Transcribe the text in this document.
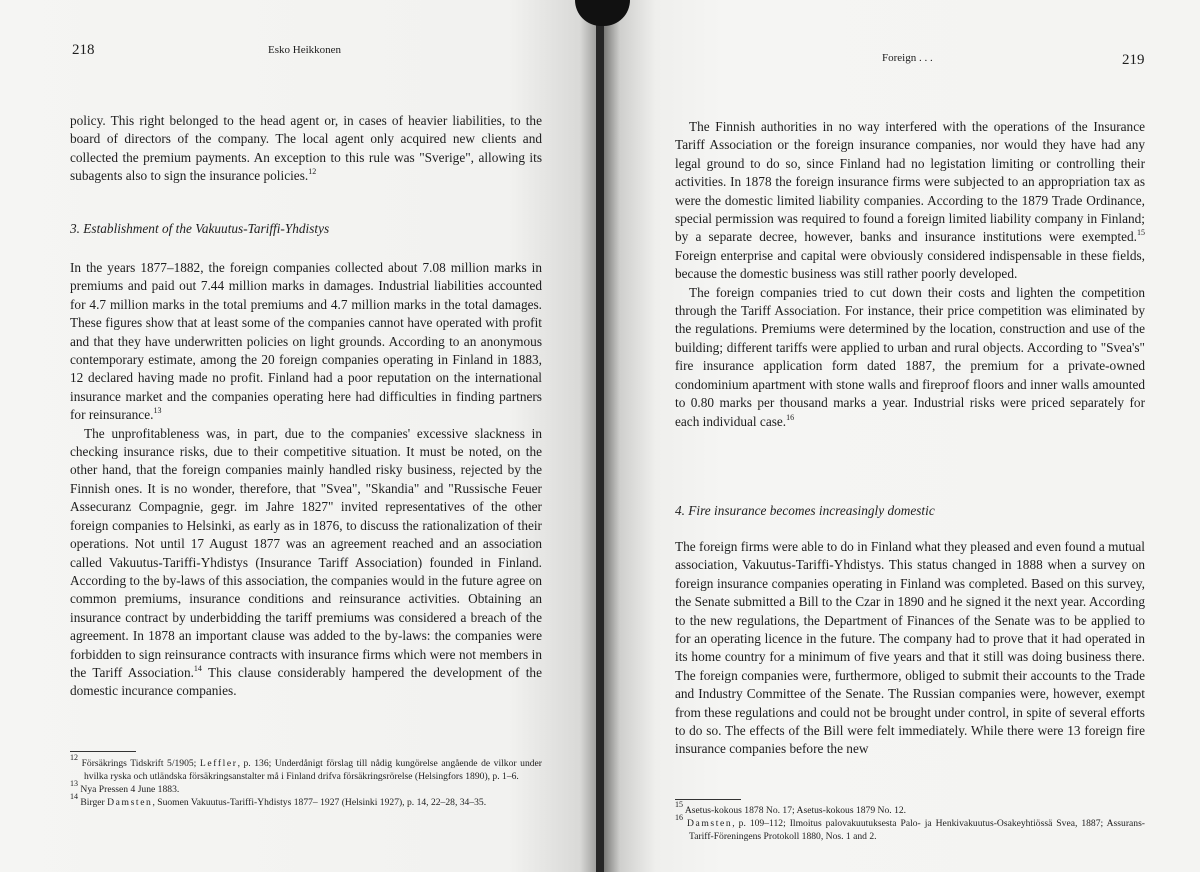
218	Esko Heikkonen

policy. This right belonged to the head agent or, in cases of heavier liabilities, to the board of directors of the company. The local agent only acquired new clients and collected the premium payments. An exception to this rule was "Sverige", allowing its subagents also to sign the insurance policies.$^{12}$

3. Establishment of the Vakuutus-Tariffi-Yhdistys

In the years 1877–1882, the foreign companies collected about 7.08 million marks in premiums and paid out 7.44 million marks in damages. Industrial liabilities accounted for 4.7 million marks in the total premiums and 4.7 million marks in the total damages. These figures show that at least some of the companies cannot have operated with profit and that they have underwritten policies on light grounds. According to an anonymous contemporary estimate, among the 20 foreign companies operating in Finland in 1883, 12 declared having made no profit. Finland had a poor reputation on the international insurance market and the companies operating here had difficulties in finding partners for reinsurance.$^{13}$

The unprofitableness was, in part, due to the companies' excessive slackness in checking insurance risks, due to their competitive situation. It must be noted, on the other hand, that the foreign companies mainly handled risky business, rejected by the Finnish ones. It is no wonder, therefore, that "Svea", "Skandia" and "Russische Feuer Assecuranz Compagnie, gegr. im Jahre 1827" invited representatives of the other foreign companies to Helsinki, as early as in 1876, to discuss the rationalization of their operations. Not until 17 August 1877 was an agreement reached and an association called Vakuutus-Tariffi-Yhdistys (Insurance Tariff Association) founded in Finland. According to the by-laws of this association, the companies would in the future agree on common premiums, insurance conditions and reinsurance activities. Obtaining an insurance contract by underbidding the tariff premiums was considered a breach of the agreement. In 1878 an important clause was added to the by-laws: the companies were forbidden to sign reinsurance contracts with insurance firms which were not members in the Tariff Association.$^{14}$ This clause considerably hampered the development of the domestic incurance companies.

$^{12}$ Försäkrings Tidskrift 5/1905; Leffler, p. 136; Underdånigt förslag till nådig kungörelse angående de vilkor under hvilka ryska och utländska försäkringsanstalter må i Finland drifva försäkringsrörelse (Helsingfors 1890), p. 1–6.

$^{13}$ Nya Pressen 4 June 1883.

$^{14}$ Birger Damsten, Suomen Vakuutus-Tariffi-Yhdistys 1877– 1927 (Helsinki 1927), p. 14, 22–28, 34–35.

Foreign . . .	219

The Finnish authorities in no way interfered with the operations of the Insurance Tariff Association or the foreign insurance companies, nor would they have had any legal ground to do so, since Finland had no legistation limiting or controlling their activities. In 1878 the foreign insurance firms were subjected to an appropriation tax as were the domestic limited liability companies. According to the 1879 Trade Ordinance, special permission was required to found a foreign limited liability company in Finland; by a separate decree, however, banks and insurance institutions were exempted.$^{15}$ Foreign enterprise and capital were obviously considered indispensable in these fields, because the domestic business was still rather poorly developed.

The foreign companies tried to cut down their costs and lighten the competition through the Tariff Association. For instance, their price competition was eliminated by the regulations. Premiums were determined by the location, construction and use of the building; different tariffs were applied to urban and rural objects. According to "Svea's" fire insurance application form dated 1887, the premium for a private-owned condominium apartment with stone walls and fireproof floors and inner walls amounted to 0.80 marks per thousand marks a year. Industrial risks were priced separately for each individual case.$^{16}$

4. Fire insurance becomes increasingly domestic

The foreign firms were able to do in Finland what they pleased and even found a mutual association, Vakuutus-Tariffi-Yhdistys. This status changed in 1888 when a survey on foreign insurance companies operating in Finland was completed. Based on this survey, the Senate submitted a Bill to the Czar in 1890 and he signed it the next year. According to the new regulations, the Department of Finances of the Senate was to be applied to for an operating licence in the future. The company had to prove that it had operated in its home country for a minimum of five years and that it still was doing business there. The foreign companies were, furthermore, obliged to submit their accounts to the Trade and Industry Committee of the Senate. The Russian companies were, however, exempt from these regulations and could not be brought under control, in spite of several efforts to do so. The effects of the Bill were felt immediately. While there were 13 foreign fire insurance companies before the new

$^{15}$ Asetus-kokous 1878 No. 17; Asetus-kokous 1879 No. 12.

$^{16}$ Damsten, p. 109–112; Ilmoitus palovakuutuksesta Palo- ja Henkivakuutus-Osakeyhtiössä Svea, 1887; Assurans-Tariff-Föreningens Protokoll 1880, Nos. 1 and 2.
